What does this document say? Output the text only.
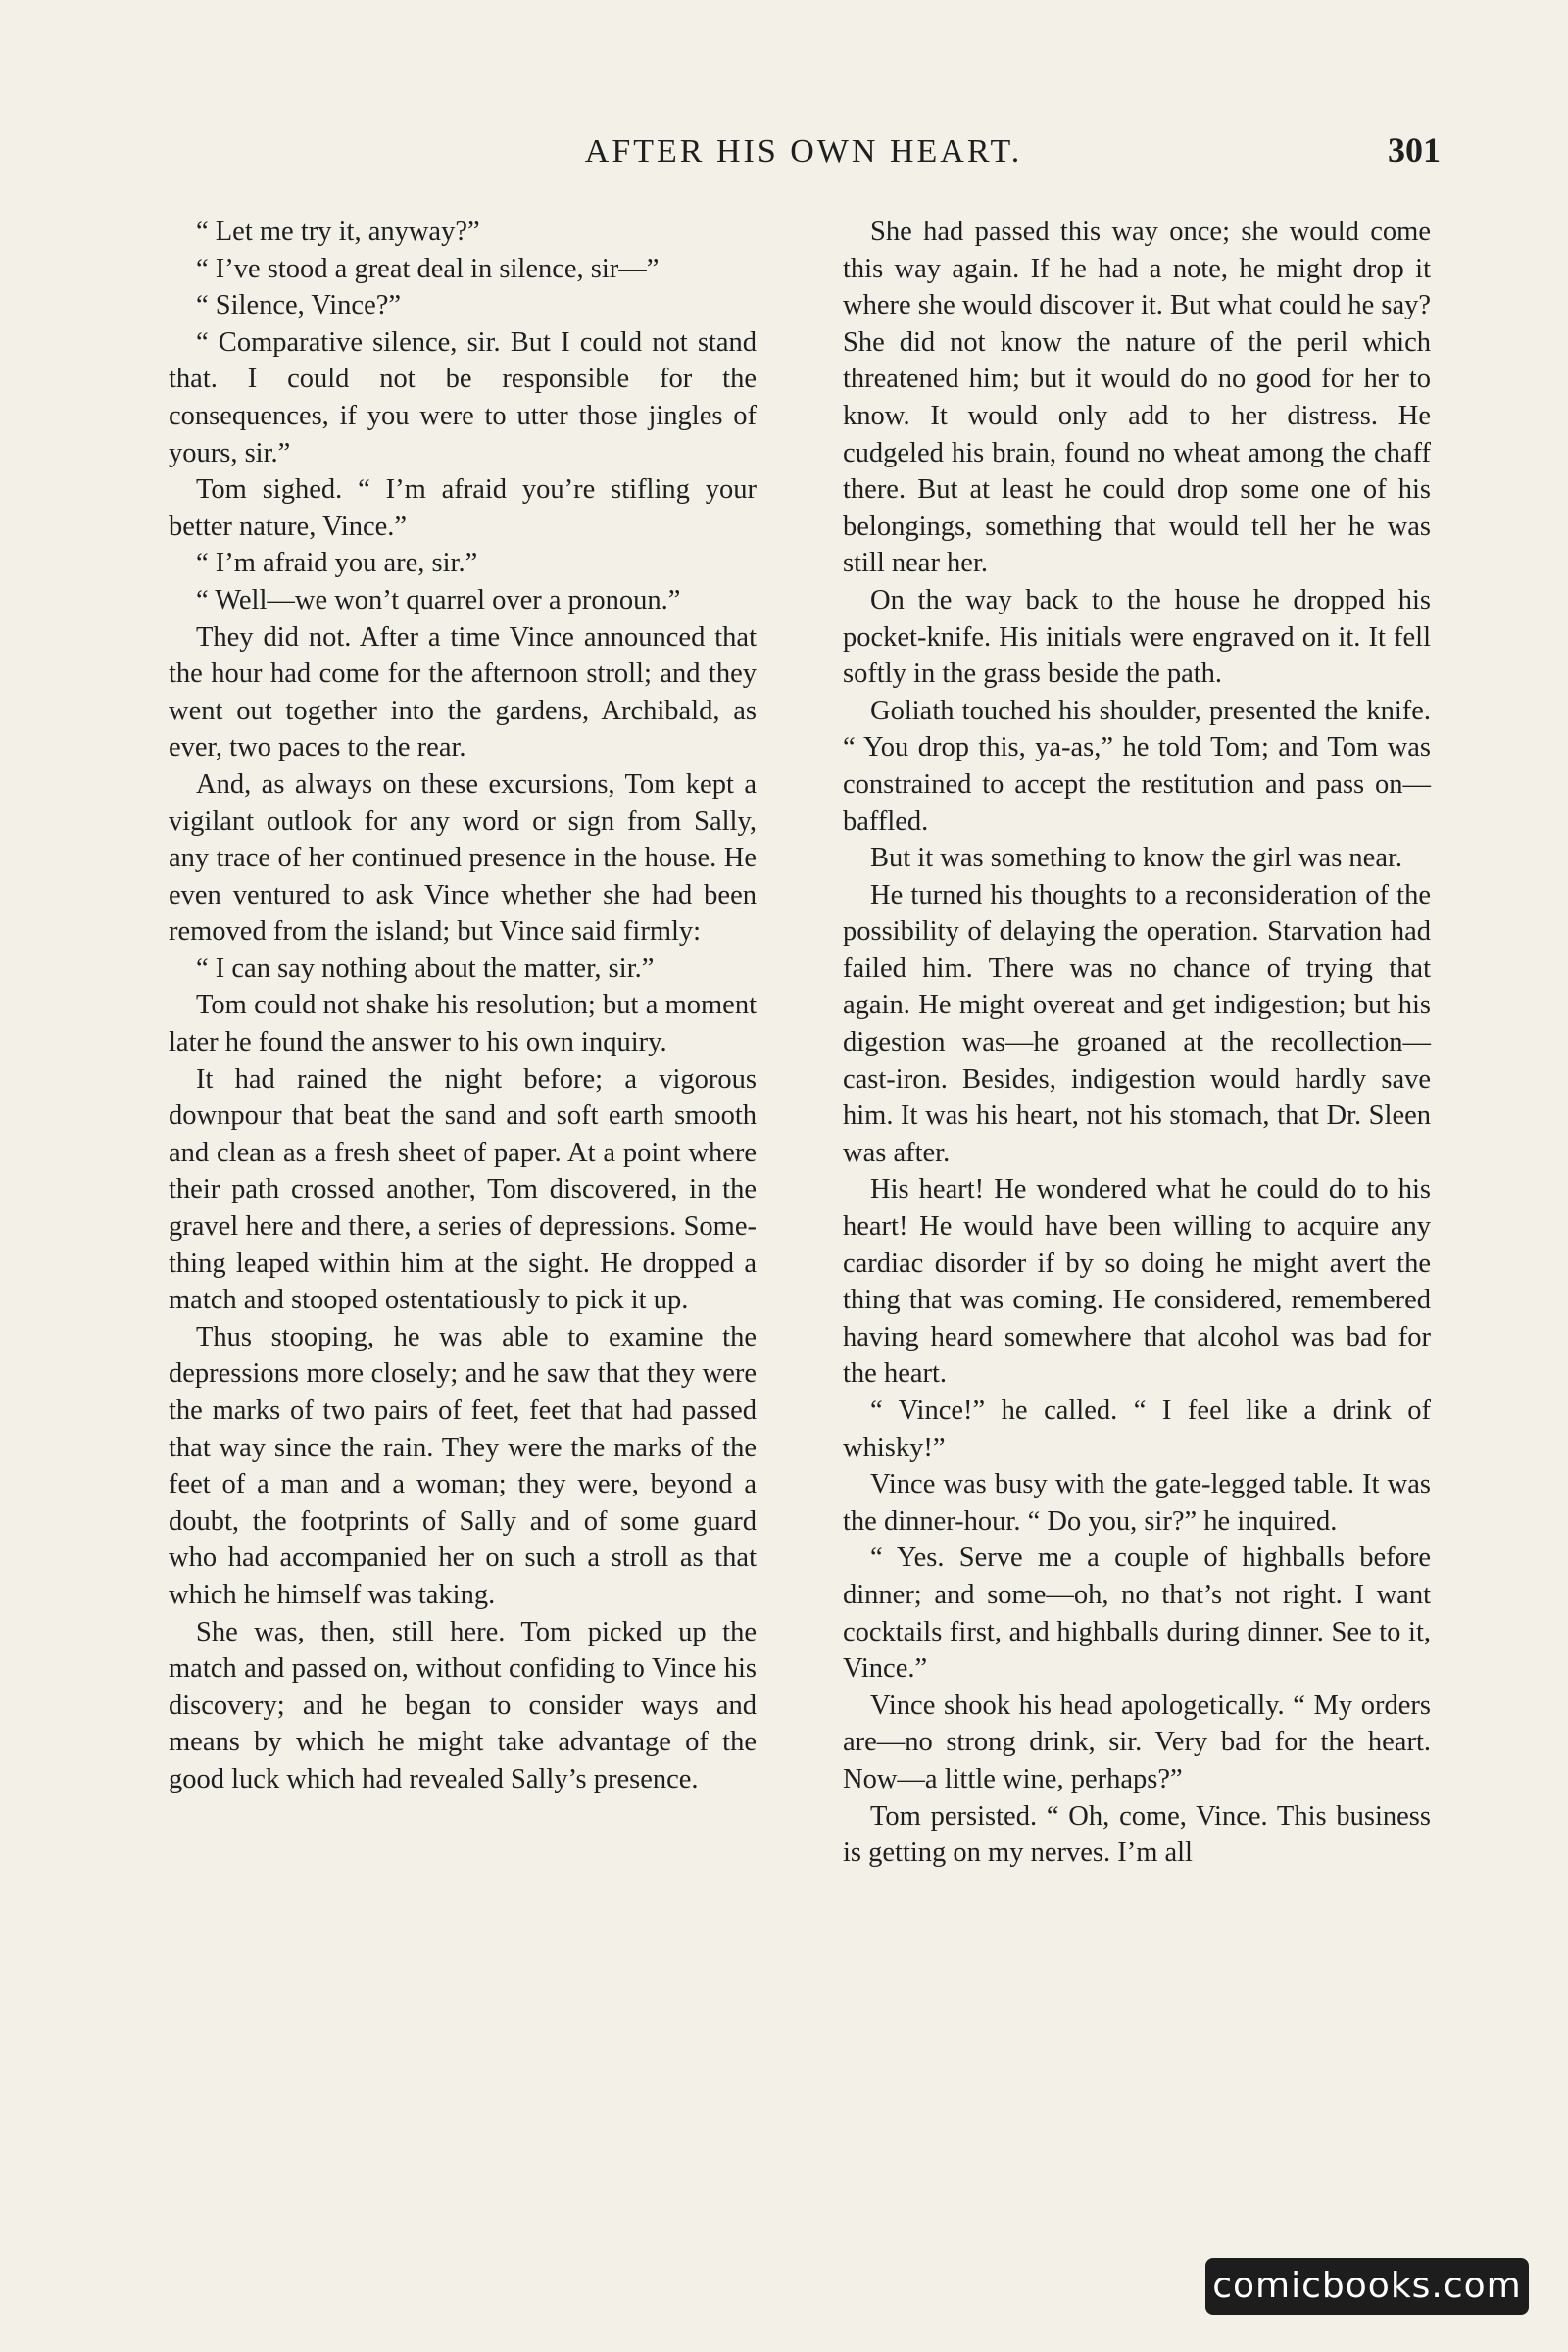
AFTER HIS OWN HEART.	301

“ Let me try it, anyway?”

“ I’ve stood a great deal in silence, sir—”

“ Silence, Vince?”

“ Comparative silence, sir. But I could not stand that. I could not be responsible for the consequences, if you were to utter those jingles of yours, sir.”

Tom sighed. “ I’m afraid you’re stifling your better nature, Vince.”

“ I’m afraid you are, sir.”

“ Well—we won’t quarrel over a pronoun.”

They did not. After a time Vince announced that the hour had come for the afternoon stroll; and they went out together into the gardens, Archibald, as ever, two paces to the rear.

And, as always on these excursions, Tom kept a vigilant outlook for any word or sign from Sally, any trace of her continued presence in the house. He even ventured to ask Vince whether she had been removed from the island; but Vince said firmly:

“ I can say nothing about the matter, sir.”

Tom could not shake his resolution; but a moment later he found the answer to his own inquiry.

It had rained the night before; a vigorous downpour that beat the sand and soft earth smooth and clean as a fresh sheet of paper. At a point where their path crossed another, Tom discovered, in the gravel here and there, a series of depressions. Something leaped within him at the sight. He dropped a match and stooped ostentatiously to pick it up.

Thus stooping, he was able to examine the depressions more closely; and he saw that they were the marks of two pairs of feet, feet that had passed that way since the rain. They were the marks of the feet of a man and a woman; they were, beyond a doubt, the footprints of Sally and of some guard who had accompanied her on such a stroll as that which he himself was taking.

She was, then, still here. Tom picked up the match and passed on, without confiding to Vince his discovery; and he began to consider ways and means by which he might take advantage of the good luck which had revealed Sally’s presence.

She had passed this way once; she would come this way again. If he had a note, he might drop it where she would discover it. But what could he say? She did not know the nature of the peril which threatened him; but it would do no good for her to know. It would only add to her distress. He cudgeled his brain, found no wheat among the chaff there. But at least he could drop some one of his belongings, something that would tell her he was still near her.

On the way back to the house he dropped his pocket-knife. His initials were engraved on it. It fell softly in the grass beside the path.

Goliath touched his shoulder, presented the knife. “ You drop this, ya-as,” he told Tom; and Tom was constrained to accept the restitution and pass on—baffled.

But it was something to know the girl was near.

He turned his thoughts to a reconsideration of the possibility of delaying the operation. Starvation had failed him. There was no chance of trying that again. He might overeat and get indigestion; but his digestion was—he groaned at the recollection—cast-iron. Besides, indigestion would hardly save him. It was his heart, not his stomach, that Dr. Sleen was after.

His heart! He wondered what he could do to his heart! He would have been willing to acquire any cardiac disorder if by so doing he might avert the thing that was coming. He considered, remembered having heard somewhere that alcohol was bad for the heart.

“ Vince!” he called. “ I feel like a drink of whisky!”

Vince was busy with the gate-legged table. It was the dinner-hour. “ Do you, sir?” he inquired.

“ Yes. Serve me a couple of highballs before dinner; and some—oh, no that’s not right. I want cocktails first, and highballs during dinner. See to it, Vince.”

Vince shook his head apologetically. “ My orders are—no strong drink, sir. Very bad for the heart. Now—a little wine, perhaps?”

Tom persisted. “ Oh, come, Vince. This business is getting on my nerves. I’m all

comicbooks.com
